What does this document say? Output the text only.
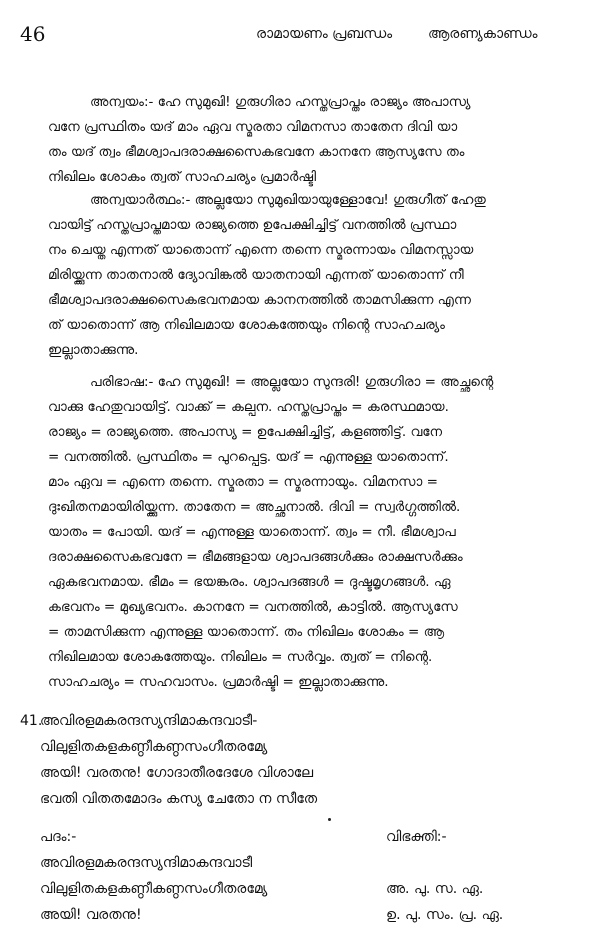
46	രാമായണം പ്രബന്ധം	ആരണ്യകാണ്ഡം
അന്വയം:- ഹേ സുമുഖി! ഗുരുഗിരാ ഹസ്തപ്രാപ്തം രാജ്യം അപാസ്യ
വനേ പ്രസ്ഥിതം യദ് മാം ഏവ സ്മരതാ വിമനസാ താതേന ദിവി യാ
തം യദ് ത്വം ഭീമശ്വാപദരാക്ഷസൈകഭവനേ കാനനേ ആസ്യസേ തം
നിഖിലം ശോകം ത്വത് സാഹചര്യം പ്രമാർഷ്ടി
അന്വയാർത്ഥം:- അല്ലയോ സുമുഖിയായുള്ളോവേ! ഗുരുഗീത് ഹേതു
വായിട്ട് ഹസ്തപ്രാപ്തമായ രാജ്യത്തെ ഉപേക്ഷിച്ചിട്ട് വനത്തിൽ പ്രസ്ഥാ
നം ചെയ്ത എന്നത് യാതൊന്ന് എന്നെ തന്നെ സ്മരന്നായം വിമനസ്സായ
മിരിയ്ക്കുന്ന താതനാൽ ദ്യോവിങ്കൽ യാതനായി എന്നത് യാതൊന്ന് നീ
ഭീമശ്വാപദരാക്ഷസൈകഭവനമായ കാനനത്തിൽ താമസിക്കുന്ന എന്ന
ത് യാതൊന്ന് ആ നിഖിലമായ ശോകത്തേയും നിന്റെ സാഹചര്യം
ഇല്ലാതാക്കുന്നു.
പരിഭാഷ:- ഹേ സുമുഖി! = അല്ലയോ സുന്ദരി! ഗുരുഗിരാ = അച്ഛന്റെ
വാക്കു ഹേതുവായിട്ട്. വാക്ക് = കല്പന. ഹസ്തപ്രാപ്തം = കരസ്ഥമായ.
രാജ്യം = രാജ്യത്തെ. അപാസ്യ = ഉപേക്ഷിച്ചിട്ട്, കളഞ്ഞിട്ട്. വനേ
= വനത്തിൽ. പ്രസ്ഥിതം = പുറപ്പെട്ട. യദ് = എന്നുള്ള യാതൊന്ന്.
മാം ഏവ = എന്നെ തന്നെ. സ്മരതാ = സ്മരന്നായും. വിമനസാ =
ദുഃഖിതനമായിരിയ്ക്കുന്ന. താതേന = അച്ഛനാൽ. ദിവി = സ്വർഗ്ഗത്തിൽ.
യാതം = പോയി. യദ് = എന്നുള്ള യാതൊന്ന്. ത്വം = നീ. ഭീമശ്വാപ
ദരാക്ഷസൈകഭവനേ = ഭീമങ്ങളായ ശ്വാപദങ്ങൾക്കും രാക്ഷസർക്കും
ഏകഭവനമായ. ഭീമം = ഭയങ്കരം. ശ്വാപദങ്ങൾ = ദുഷ്ടമൃഗങ്ങൾ. ഏ
കഭവനം = മുഖ്യഭവനം. കാനനേ = വനത്തിൽ, കാട്ടിൽ. ആസ്യസേ
= താമസിക്കുന്ന എന്നുള്ള യാതൊന്ന്. തം നിഖിലം ശോകം = ആ
നിഖിലമായ ശോകത്തേയും. നിഖിലം = സർവ്വം. ത്വത് = നിന്റെ.
സാഹചര്യം = സഹവാസം. പ്രമാർഷ്ടി = ഇല്ലാതാക്കുന്നു.
41.അവിരളമകരന്ദസ്യന്ദിമാകന്ദവാടീ-
വിലുളിതകളകണ്ഠീകണ്ഠസംഗീതരമ്യേ
അയി! വരതനു! ഗോദാതീരദേശേ വിശാലേ
ഭവതി വിതതമോദം കസ്യ ചേതോ ന സീതേ
പദം:-	വിഭക്തി:-
അവിരളമകരന്ദസ്യന്ദിമാകന്ദവാടീ
വിലുളിതകളകണ്ഠീകണ്ഠസംഗീതരമ്യേ	അ. പു. സ. ഏ.
അയി! വരതനു!	ഉ. പു. സം. പ്ര. ഏ.
